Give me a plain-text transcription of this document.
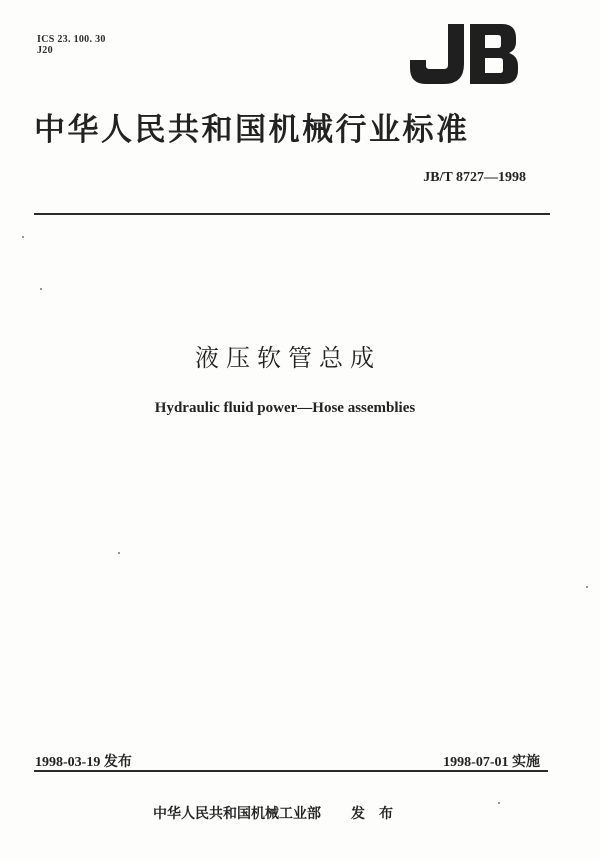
ICS 23. 100. 30
J20
中华人民共和国机械行业标准
JB/T 8727—1998
液压软管总成
Hydraulic fluid power—Hose assemblies
1998-03-19 发布	1998-07-01 实施
中华人民共和国机械工业部 发布
